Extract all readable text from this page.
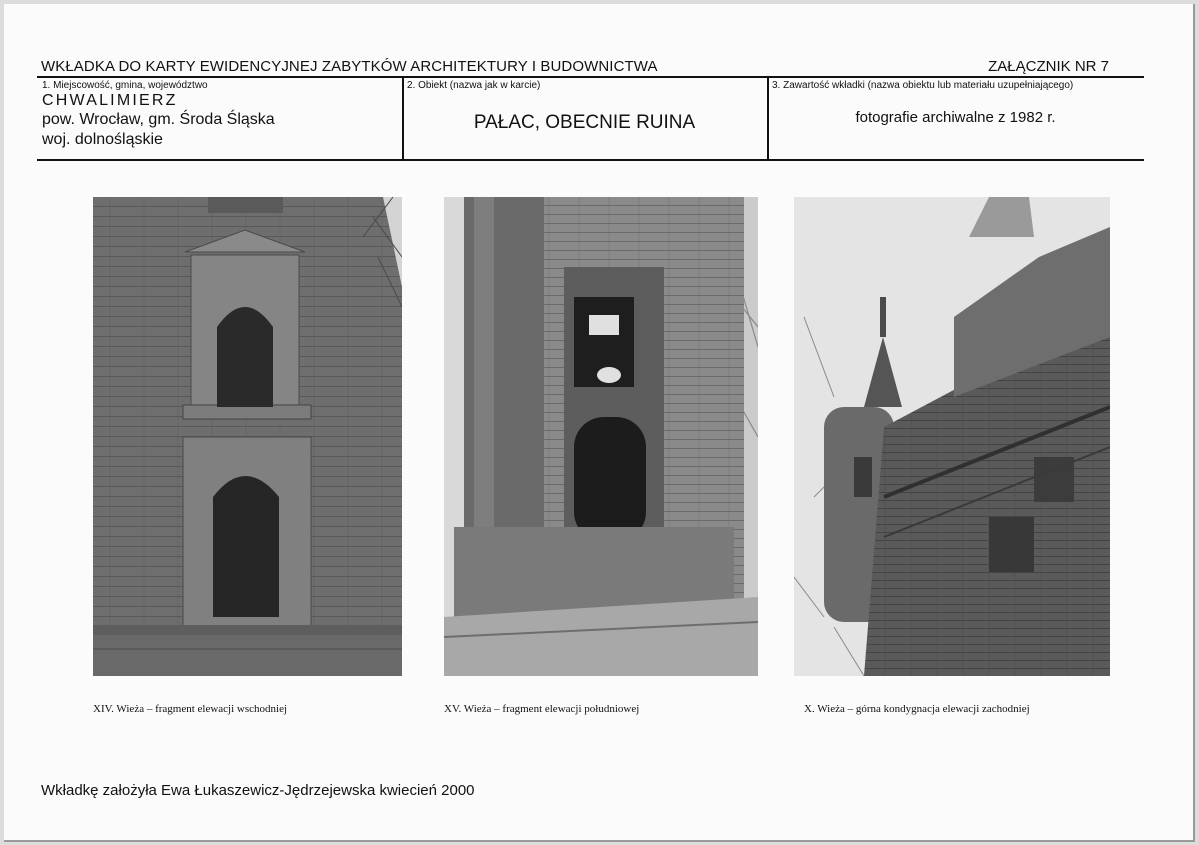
WKŁADKA DO KARTY EWIDENCYJNEJ ZABYTKÓW ARCHITEKTURY I BUDOWNICTWA	ZAŁĄCZNIK NR 7
1. Miejscowość, gmina, województwo
CHWALIMIERZ
pow. Wrocław, gm. Środa Śląska
woj. dolnośląskie
2. Obiekt (nazwa jak w karcie)
PAŁAC, OBECNIE RUINA
3. Zawartość wkładki (nazwa obiektu lub materiału uzupełniającego)
fotografie archiwalne z 1982 r.
XIV. Wieża – fragment elewacji wschodniej	XV. Wieża – fragment elewacji południowej	X. Wieża – górna kondygnacja elewacji zachodniej
Wkładkę założyła Ewa Łukaszewicz-Jędrzejewska kwiecień 2000
